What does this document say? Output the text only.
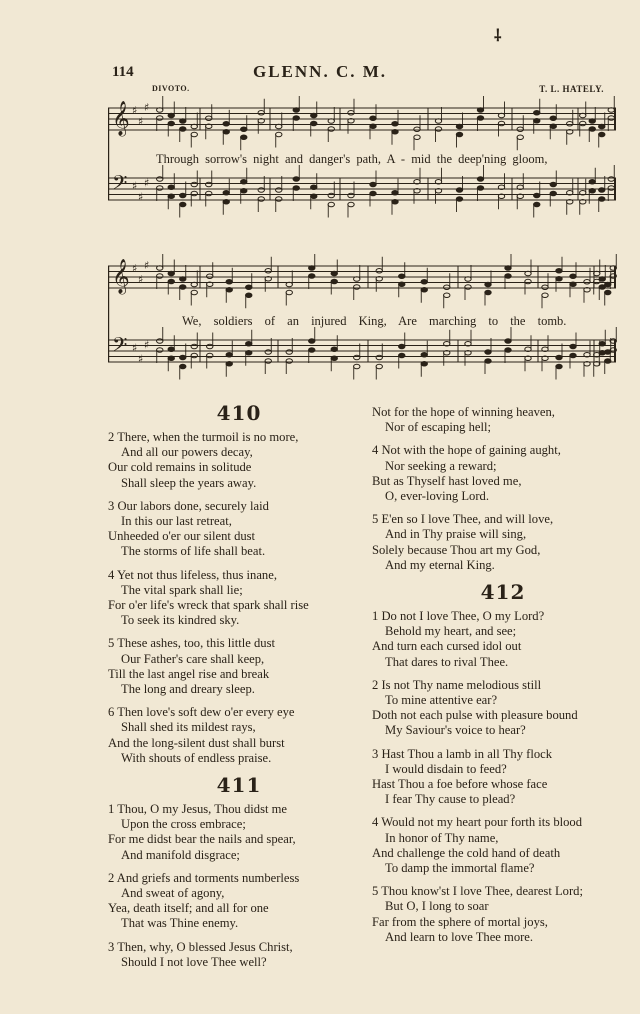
114	GLENN. C. M.
⸸
DIVOTO.	T. L. HATELY.
𝄞
𝄢
♯
♯
♯
♯
♯
♯
Through sorrow's night and danger's path, A - mid the deep'ning gloom,
𝄞
𝄢
♯
♯
♯
♯
♯
♯
We, soldiers of an injured King, Are marching to the tomb.
410

2 There, when the turmoil is no more,

And all our powers decay,

Our cold remains in solitude

Shall sleep the years away.

3 Our labors done, securely laid

In this our last retreat,

Unheeded o'er our silent dust

The storms of life shall beat.

4 Yet not thus lifeless, thus inane,

The vital spark shall lie;

For o'er life's wreck that spark shall rise

To seek its kindred sky.

5 These ashes, too, this little dust

Our Father's care shall keep,

Till the last angel rise and break

The long and dreary sleep.

6 Then love's soft dew o'er every eye

Shall shed its mildest rays,

And the long-silent dust shall burst

With shouts of endless praise.

411

1 Thou, O my Jesus, Thou didst me

Upon the cross embrace;

For me didst bear the nails and spear,

And manifold disgrace;

2 And griefs and torments numberless

And sweat of agony,

Yea, death itself; and all for one

That was Thine enemy.

3 Then, why, O blessed Jesus Christ,

Should I not love Thee well?

Not for the hope of winning heaven,

Nor of escaping hell;

4 Not with the hope of gaining aught,

Nor seeking a reward;

But as Thyself hast loved me,

O, ever-loving Lord.

5 E'en so I love Thee, and will love,

And in Thy praise will sing,

Solely because Thou art my God,

And my eternal King.

412

1 Do not I love Thee, O my Lord?

Behold my heart, and see;

And turn each cursed idol out

That dares to rival Thee.

2 Is not Thy name melodious still

To mine attentive ear?

Doth not each pulse with pleasure bound

My Saviour's voice to hear?

3 Hast Thou a lamb in all Thy flock

I would disdain to feed?

Hast Thou a foe before whose face

I fear Thy cause to plead?

4 Would not my heart pour forth its blood

In honor of Thy name,

And challenge the cold hand of death

To damp the immortal flame?

5 Thou know'st I love Thee, dearest Lord;

But O, I long to soar

Far from the sphere of mortal joys,

And learn to love Thee more.
